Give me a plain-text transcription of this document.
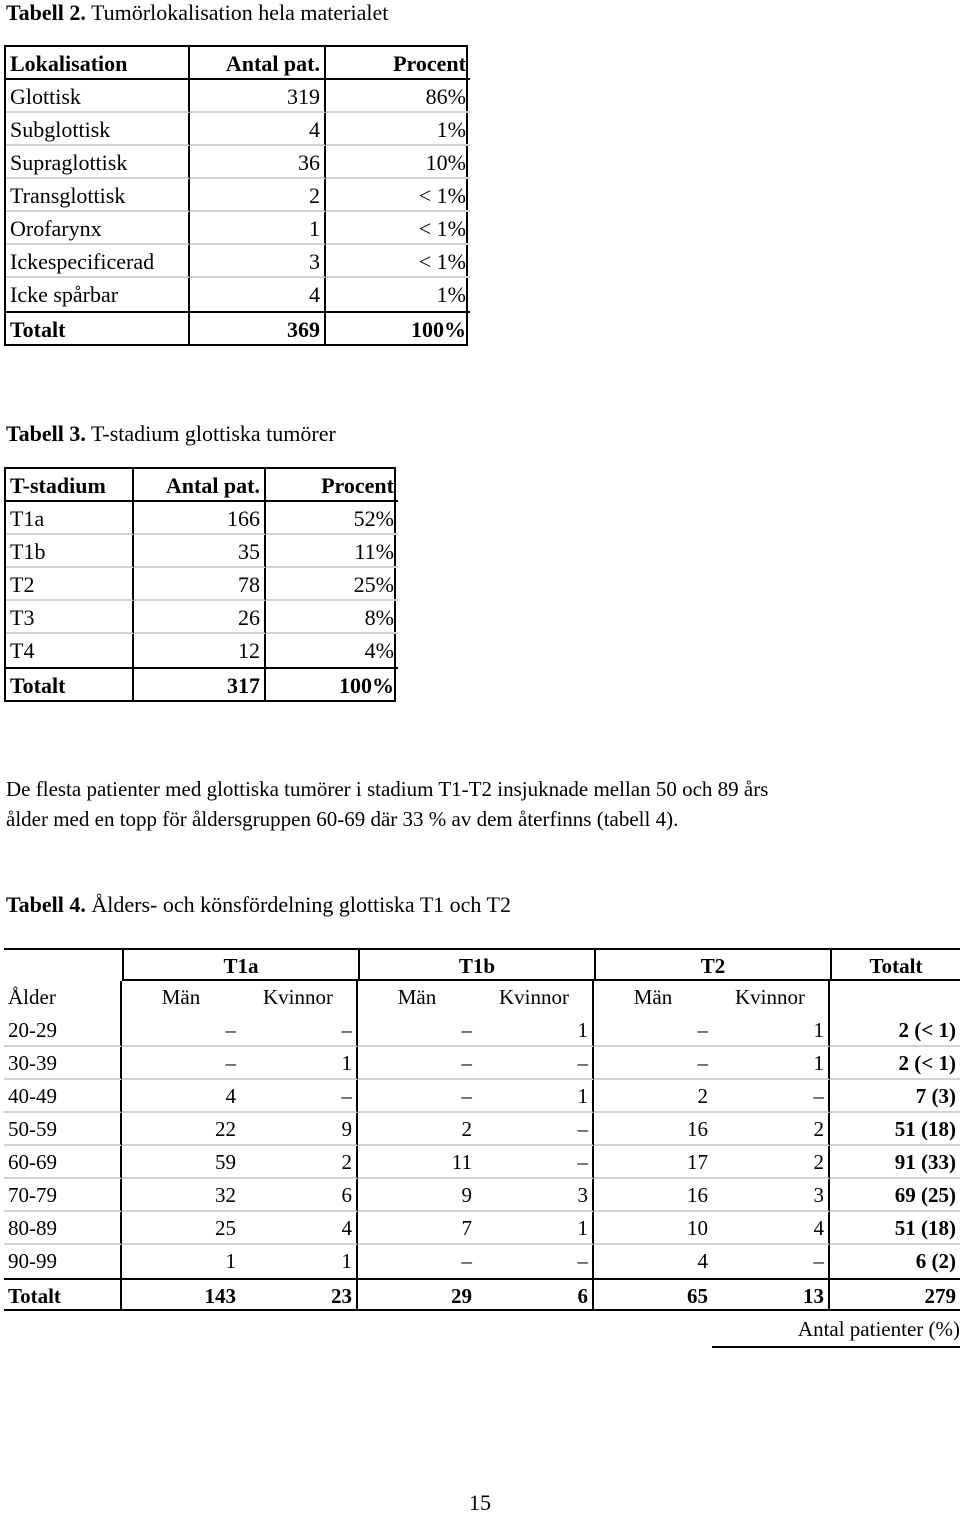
Tabell 2. Tumörlokalisation hela materialet
Lokalisation	Antal pat.	Procent
Glottisk	319	86%
Subglottisk	4	1%
Supraglottisk	36	10%
Transglottisk	2	< 1%
Orofarynx	1	< 1%
Ickespecificerad	3	< 1%
Icke spårbar	4	1%
Totalt	369	100%
Tabell 3. T-stadium glottiska tumörer
T-stadium	Antal pat.	Procent
T1a	166	52%
T1b	35	11%
T2	78	25%
T3	26	8%
T4	12	4%
Totalt	317	100%
De flesta patienter med glottiska tumörer i stadium T1-T2 insjuknade mellan 50 och 89 års
ålder med en topp för åldersgruppen 60-69 där 33 % av dem återfinns (tabell 4).
Tabell 4. Ålders- och könsfördelning glottiska T1 och T2
T1a	T1b	T2	Totalt
Ålder	Män	Kvinnor	Män	Kvinnor	Män	Kvinnor
20-29	–	–	–	1	–	1	2 (< 1)
30-39	–	1	–	–	–	1	2 (< 1)
40-49	4	–	–	1	2	–	7 (3)
50-59	22	9	2	–	16	2	51 (18)
60-69	59	2	11	–	17	2	91 (33)
70-79	32	6	9	3	16	3	69 (25)
80-89	25	4	7	1	10	4	51 (18)
90-99	1	1	–	–	4	–	6 (2)
Totalt	143	23	29	6	65	13	279
Antal patienter (%)
15
